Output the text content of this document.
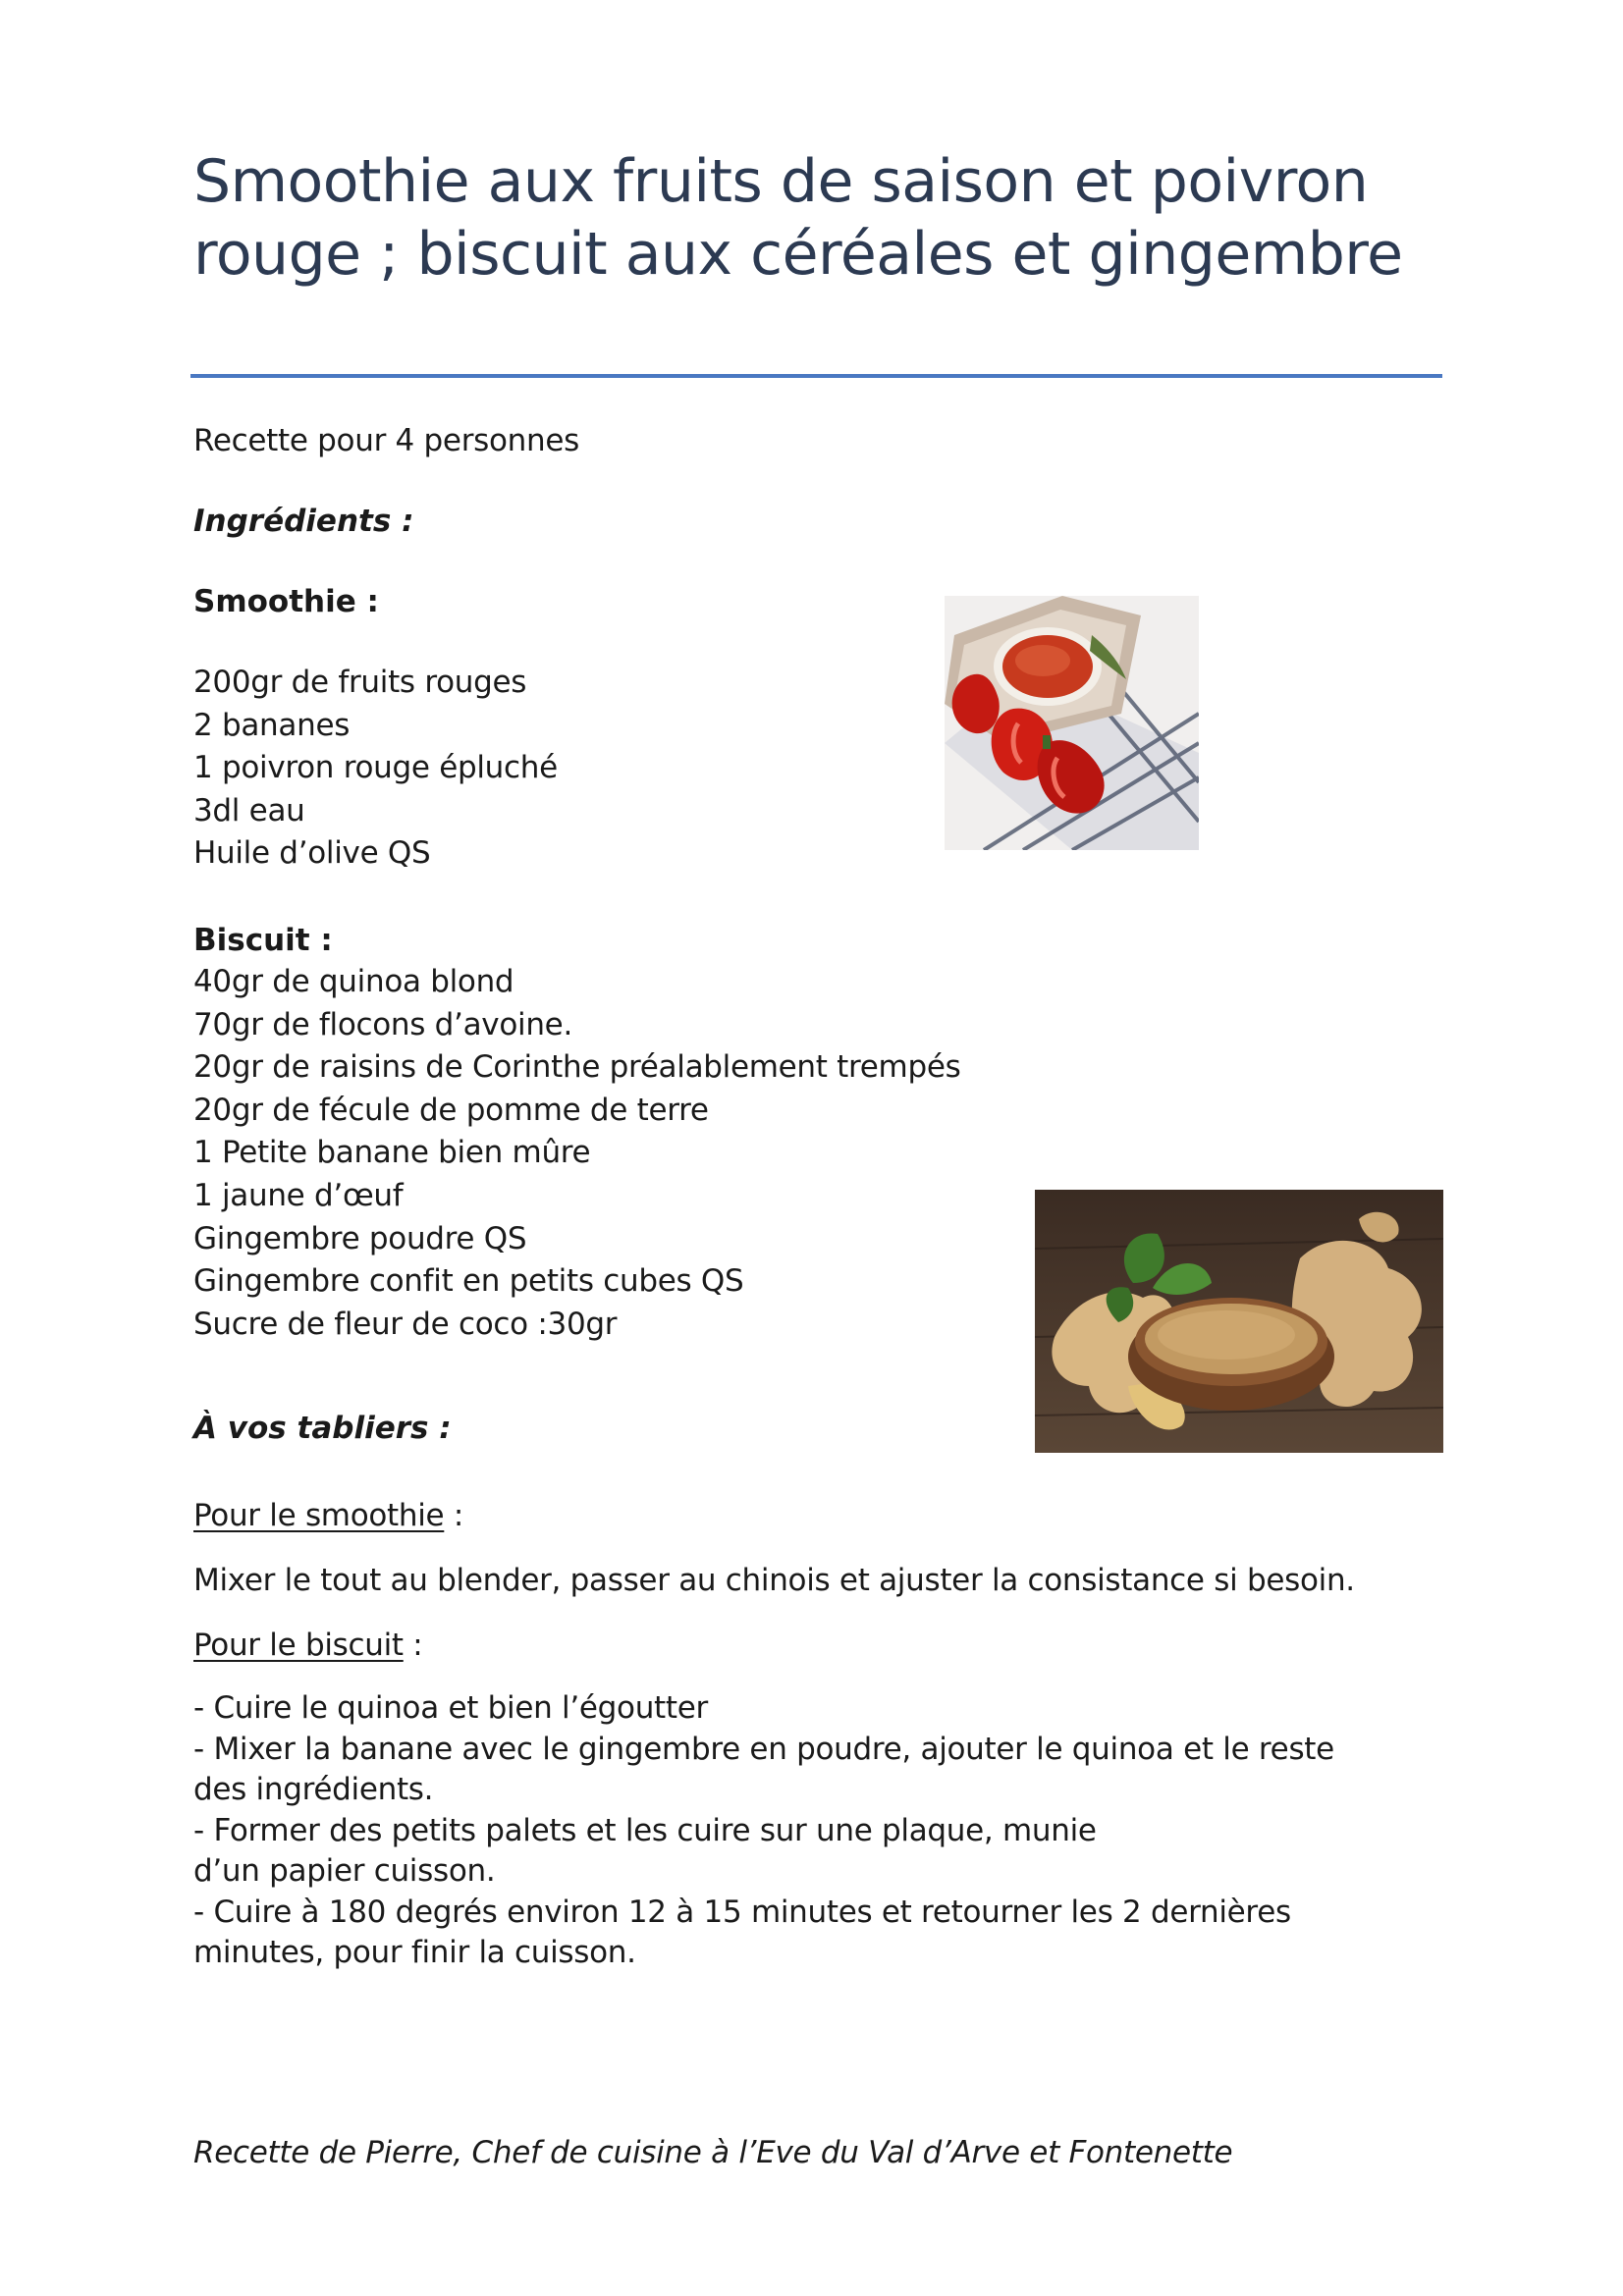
Smoothie aux fruits de saison et poivron rouge ; biscuit aux céréales et gingembre
Recette pour 4 personnes
Ingrédients :
Smoothie :
200gr de fruits rouges
2 bananes
1 poivron rouge épluché
3dl eau
Huile d’olive QS
Biscuit :
40gr de quinoa blond
70gr de flocons d’avoine.
20gr de raisins de Corinthe préalablement trempés
20gr de fécule de pomme de terre
1 Petite banane bien mûre
1 jaune d’œuf
Gingembre poudre QS
Gingembre confit en petits cubes QS
Sucre de fleur de coco :30gr
À vos tabliers :
Pour le smoothie :
Mixer le tout au blender, passer au chinois et ajuster la consistance si besoin.
Pour le biscuit :
- Cuire le quinoa et bien l’égoutter
- Mixer la banane avec le gingembre en poudre, ajouter le quinoa et le reste
des ingrédients.
- Former des petits palets et les cuire sur une plaque, munie
d’un papier cuisson.
- Cuire à 180 degrés environ 12 à 15 minutes et retourner les 2 dernières
minutes, pour finir la cuisson.
Recette de Pierre, Chef de cuisine à l’Eve du Val d’Arve et Fontenette
